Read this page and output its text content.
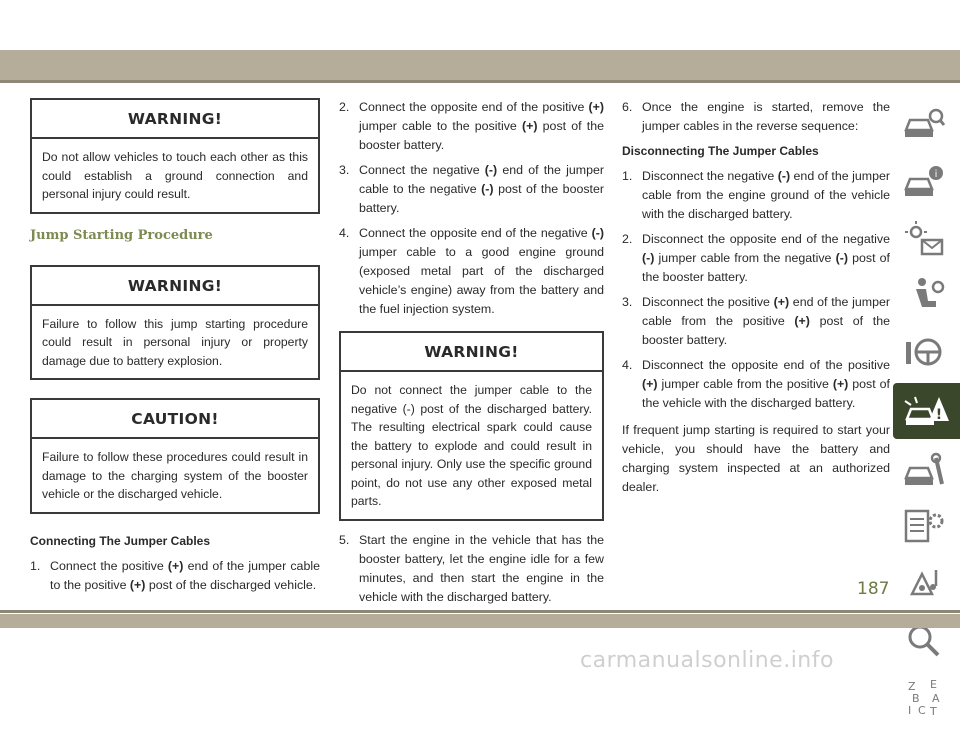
WARNING!
Do not allow vehicles to touch each other as this could establish a ground connection and personal injury could result.
Jump Starting Procedure
WARNING!
Failure to follow this jump starting procedure could result in personal injury or property damage due to battery explosion.
CAUTION!
Failure to follow these procedures could result in damage to the charging system of the booster vehicle or the discharged vehicle.
Connecting The Jumper Cables
1. Connect the positive (+) end of the jumper cable to the positive (+) post of the discharged vehicle.
2. Connect the opposite end of the positive (+) jumper cable to the positive (+) post of the booster battery.
3. Connect the negative (-) end of the jumper cable to the negative (-) post of the booster battery.
4. Connect the opposite end of the negative (-) jumper cable to a good engine ground (exposed metal part of the discharged vehicle’s engine) away from the battery and the fuel injection system.
WARNING!
Do not connect the jumper cable to the negative (-) post of the discharged battery. The resulting electrical spark could cause the battery to explode and could result in personal injury. Only use the specific ground point, do not use any other exposed metal parts.
5. Start the engine in the vehicle that has the booster battery, let the engine idle for a few minutes, and then start the engine in the vehicle with the discharged battery.
6. Once the engine is started, remove the jumper cables in the reverse sequence:
Disconnecting The Jumper Cables
1. Disconnect the negative (-) end of the jumper cable from the engine ground of the vehicle with the discharged battery.
2. Disconnect the opposite end of the negative (-) jumper cable from the negative (-) post of the booster battery.
3. Disconnect the positive (+) end of the jumper cable from the positive (+) post of the booster battery.
4. Disconnect the opposite end of the positive (+) jumper cable from the positive (+) post of the vehicle with the discharged battery.
If frequent jump starting is required to start your vehicle, you should have the battery and charging system inspected at an authorized dealer.
i
!
Z E
B A
I C T
187
carmanualsonline.info
